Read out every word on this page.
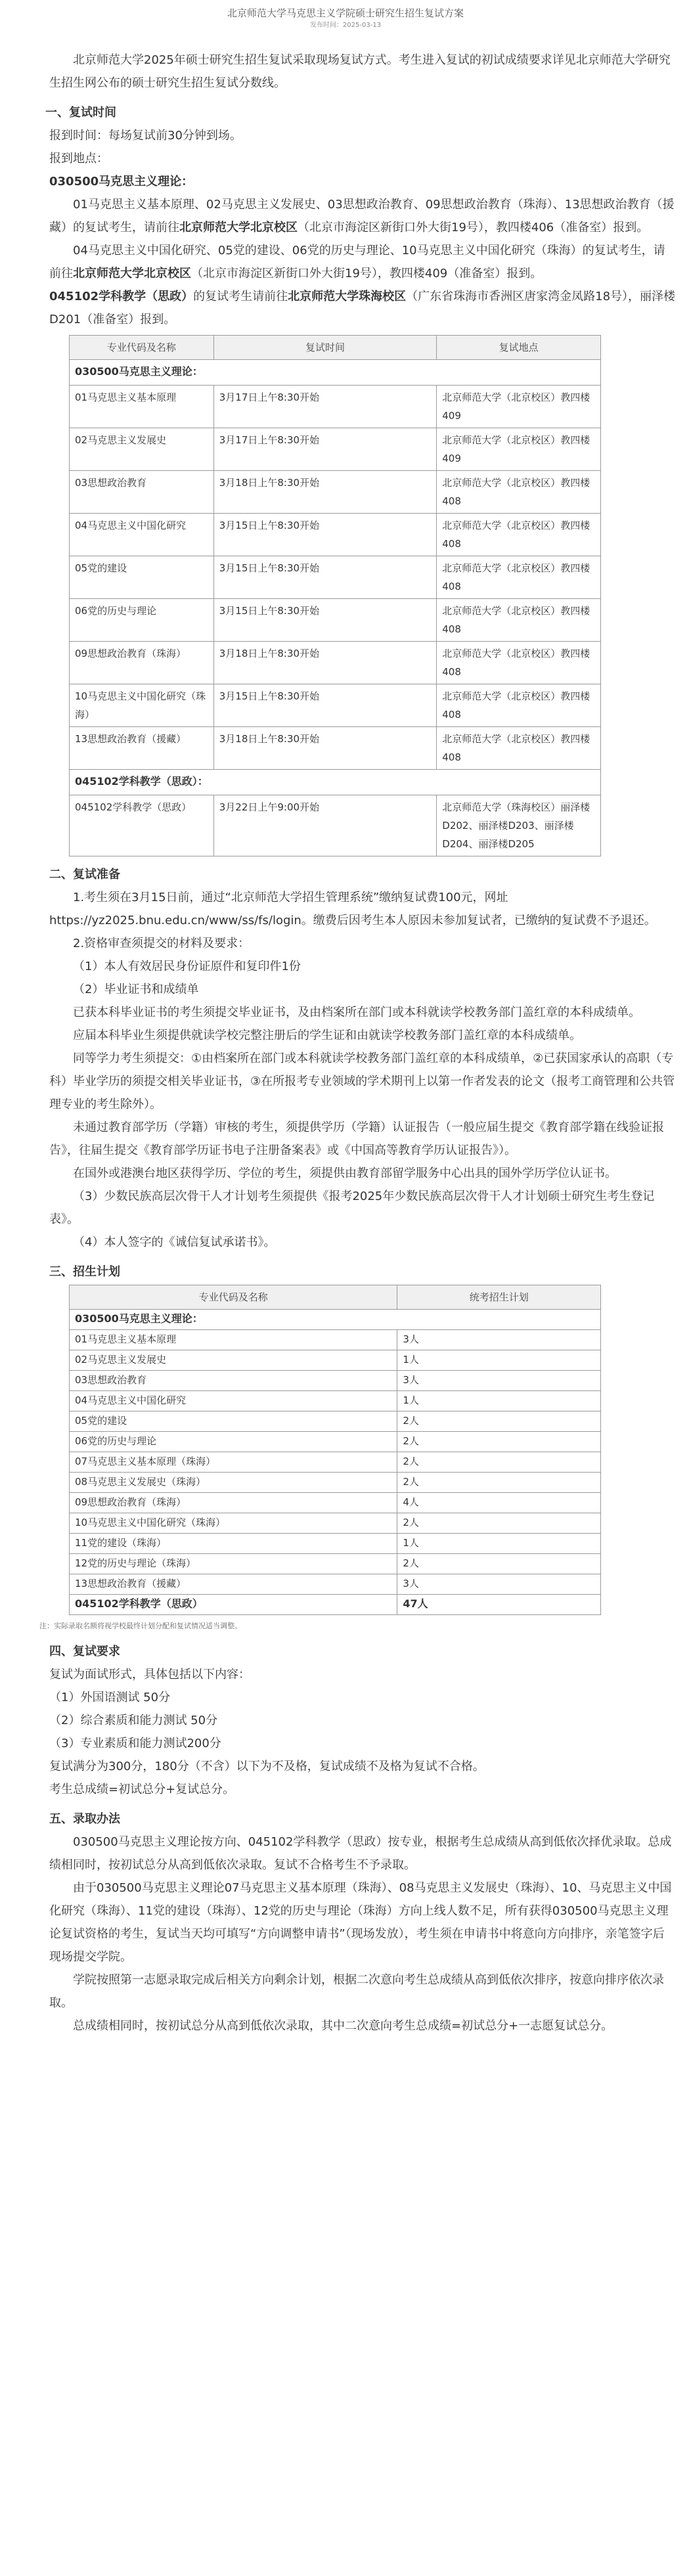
北京师范大学马克思主义学院硕士研究生招生复试方案
发布时间：2025-03-13

北京师范大学2025年硕士研究生招生复试采取现场复试方式。考生进入复试的初试成绩要求详见北京师范大学研究生招生网公布的硕士研究生招生复试分数线。

一、复试时间

报到时间：每场复试前30分钟到场。

报到地点：

030500马克思主义理论：

01马克思主义基本原理、02马克思主义发展史、03思想政治教育、09思想政治教育（珠海）、13思想政治教育（援藏）的复试考生，请前往北京师范大学北京校区（北京市海淀区新街口外大街19号），教四楼406（准备室）报到。

04马克思主义中国化研究、05党的建设、06党的历史与理论、10马克思主义中国化研究（珠海）的复试考生，请前往北京师范大学北京校区（北京市海淀区新街口外大街19号），教四楼409（准备室）报到。

045102学科教学（思政）的复试考生请前往北京师范大学珠海校区（广东省珠海市香洲区唐家湾金凤路18号），丽泽楼D201（准备室）报到。

专业代码及名称	复试时间	复试地点
030500马克思主义理论：		
01马克思主义基本原理	3月17日上午8:30开始	北京师范大学（北京校区）教四楼409
02马克思主义发展史	3月17日上午8:30开始	北京师范大学（北京校区）教四楼409
03思想政治教育	3月18日上午8:30开始	北京师范大学（北京校区）教四楼408
04马克思主义中国化研究	3月15日上午8:30开始	北京师范大学（北京校区）教四楼408
05党的建设	3月15日上午8:30开始	北京师范大学（北京校区）教四楼408
06党的历史与理论	3月15日上午8:30开始	北京师范大学（北京校区）教四楼408
09思想政治教育（珠海）	3月18日上午8:30开始	北京师范大学（北京校区）教四楼408
10马克思主义中国化研究（珠海）	3月15日上午8:30开始	北京师范大学（北京校区）教四楼408
13思想政治教育（援藏）	3月18日上午8:30开始	北京师范大学（北京校区）教四楼408
045102学科教学（思政）：		
045102学科教学（思政）	3月22日上午9:00开始	北京师范大学（珠海校区）丽泽楼D202、丽泽楼D203、丽泽楼D204、丽泽楼D205

二、复试准备

1.考生须在3月15日前，通过“北京师范大学招生管理系统”缴纳复试费100元，网址https://yz2025.bnu.edu.cn/www/ss/fs/login。缴费后因考生本人原因未参加复试者，已缴纳的复试费不予退还。

2.资格审查须提交的材料及要求：

（1）本人有效居民身份证原件和复印件1份

（2）毕业证书和成绩单

已获本科毕业证书的考生须提交毕业证书，及由档案所在部门或本科就读学校教务部门盖红章的本科成绩单。

应届本科毕业生须提供就读学校完整注册后的学生证和由就读学校教务部门盖红章的本科成绩单。

同等学力考生须提交：①由档案所在部门或本科就读学校教务部门盖红章的本科成绩单，②已获国家承认的高职（专科）毕业学历的须提交相关毕业证书，③在所报考专业领域的学术期刊上以第一作者发表的论文（报考工商管理和公共管理专业的考生除外）。

未通过教育部学历（学籍）审核的考生，须提供学历（学籍）认证报告（一般应届生提交《教育部学籍在线验证报告》，往届生提交《教育部学历证书电子注册备案表》或《中国高等教育学历认证报告》）。

在国外或港澳台地区获得学历、学位的考生，须提供由教育部留学服务中心出具的国外学历学位认证书。

（3）少数民族高层次骨干人才计划考生须提供《报考2025年少数民族高层次骨干人才计划硕士研究生考生登记表》。

（4）本人签字的《诚信复试承诺书》。

三、招生计划

专业代码及名称	统考招生计划
030500马克思主义理论：	
01马克思主义基本原理	3人
02马克思主义发展史	1人
03思想政治教育	3人
04马克思主义中国化研究	1人
05党的建设	2人
06党的历史与理论	2人
07马克思主义基本原理（珠海）	2人
08马克思主义发展史（珠海）	2人
09思想政治教育（珠海）	4人
10马克思主义中国化研究（珠海）	2人
11党的建设（珠海）	1人
12党的历史与理论（珠海）	2人
13思想政治教育（援藏）	3人
045102学科教学（思政）	47人

注：实际录取名额将视学校最终计划分配和复试情况适当调整。

四、复试要求

复试为面试形式，具体包括以下内容：

（1）外国语测试 50分

（2）综合素质和能力测试 50分

（3）专业素质和能力测试200分

复试满分为300分，180分（不含）以下为不及格，复试成绩不及格为复试不合格。

考生总成绩=初试总分+复试总分。

五、录取办法

030500马克思主义理论按方向、045102学科教学（思政）按专业，根据考生总成绩从高到低依次择优录取。总成绩相同时，按初试总分从高到低依次录取。复试不合格考生不予录取。

由于030500马克思主义理论07马克思主义基本原理（珠海）、08马克思主义发展史（珠海）、10、马克思主义中国化研究（珠海）、11党的建设（珠海）、12党的历史与理论（珠海）方向上线人数不足，所有获得030500马克思主义理论复试资格的考生，复试当天均可填写“方向调整申请书”（现场发放），考生须在申请书中将意向方向排序，亲笔签字后现场提交学院。

学院按照第一志愿录取完成后相关方向剩余计划，根据二次意向考生总成绩从高到低依次排序，按意向排序依次录取。

总成绩相同时，按初试总分从高到低依次录取，其中二次意向考生总成绩=初试总分+一志愿复试总分。
